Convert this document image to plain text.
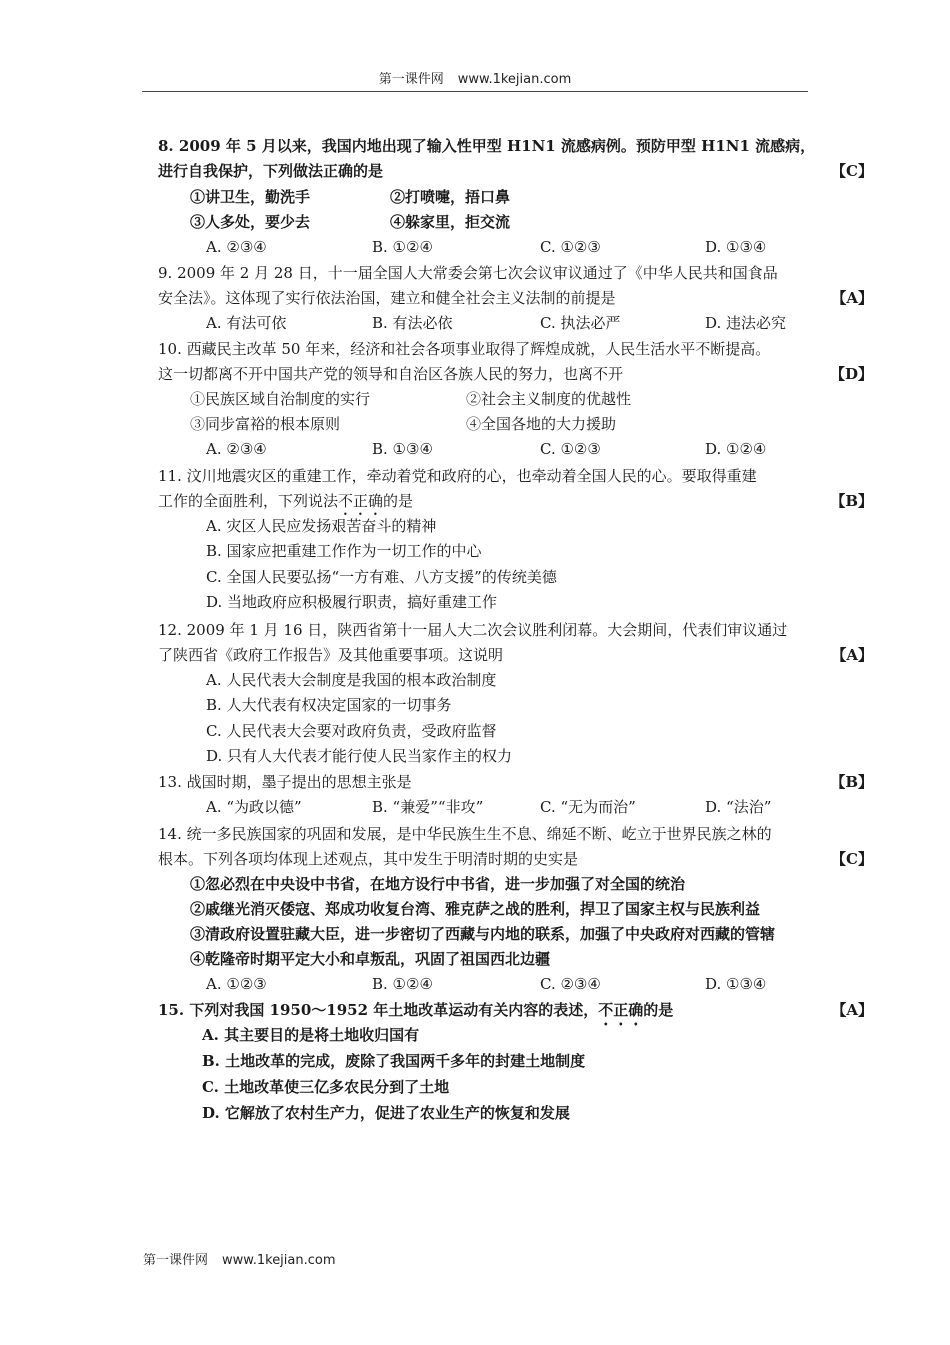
第一课件网 www.1kejian.com
8. 2009 年 5 月以来，我国内地出现了输入性甲型 H1N1 流感病例。预防甲型 H1N1 流感病，
进行自我保护，下列做法正确的是	【C】
①讲卫生，勤洗手	②打喷嚏，捂口鼻
③人多处，要少去	④躲家里，拒交流
A. ②③④	B. ①②④	C. ①②③	D. ①③④
9. 2009 年 2 月 28 日，十一届全国人大常委会第七次会议审议通过了《中华人民共和国食品
安全法》。这体现了实行依法治国，建立和健全社会主义法制的前提是	【A】
A. 有法可依	B. 有法必依	C. 执法必严	D. 违法必究
10. 西藏民主改革 50 年来，经济和社会各项事业取得了辉煌成就，人民生活水平不断提高。
这一切都离不开中国共产党的领导和自治区各族人民的努力，也离不开	【D】
①民族区域自治制度的实行	②社会主义制度的优越性
③同步富裕的根本原则	④全国各地的大力援助
A. ②③④	B. ①③④	C. ①②③	D. ①②④
11. 汶川地震灾区的重建工作，牵动着党和政府的心，也牵动着全国人民的心。要取得重建
工作的全面胜利，下列说法不正确的是	【B】
A. 灾区人民应发扬艰苦奋斗的精神
B. 国家应把重建工作作为一切工作的中心
C. 全国人民要弘扬“一方有难、八方支援”的传统美德
D. 当地政府应积极履行职责，搞好重建工作
12. 2009 年 1 月 16 日，陕西省第十一届人大二次会议胜利闭幕。大会期间，代表们审议通过
了陕西省《政府工作报告》及其他重要事项。这说明	【A】
A. 人民代表大会制度是我国的根本政治制度
B. 人大代表有权决定国家的一切事务
C. 人民代表大会要对政府负责，受政府监督
D. 只有人大代表才能行使人民当家作主的权力
13. 战国时期，墨子提出的思想主张是	【B】
A. “为政以德”	B. “兼爱”“非攻”	C. “无为而治”	D. “法治”
14. 统一多民族国家的巩固和发展，是中华民族生生不息、绵延不断、屹立于世界民族之林的
根本。下列各项均体现上述观点，其中发生于明清时期的史实是	【C】
①忽必烈在中央设中书省，在地方设行中书省，进一步加强了对全国的统治
②戚继光消灭倭寇、郑成功收复台湾、雅克萨之战的胜利，捍卫了国家主权与民族利益
③清政府设置驻藏大臣，进一步密切了西藏与内地的联系，加强了中央政府对西藏的管辖
④乾隆帝时期平定大小和卓叛乱，巩固了祖国西北边疆
A. ①②③	B. ①②④	C. ②③④	D. ①③④
15. 下列对我国 1950～1952 年土地改革运动有关内容的表述，不正确的是	【A】
A. 其主要目的是将土地收归国有
B. 土地改革的完成，废除了我国两千多年的封建土地制度
C. 土地改革使三亿多农民分到了土地
D. 它解放了农村生产力，促进了农业生产的恢复和发展
第一课件网 www.1kejian.com
